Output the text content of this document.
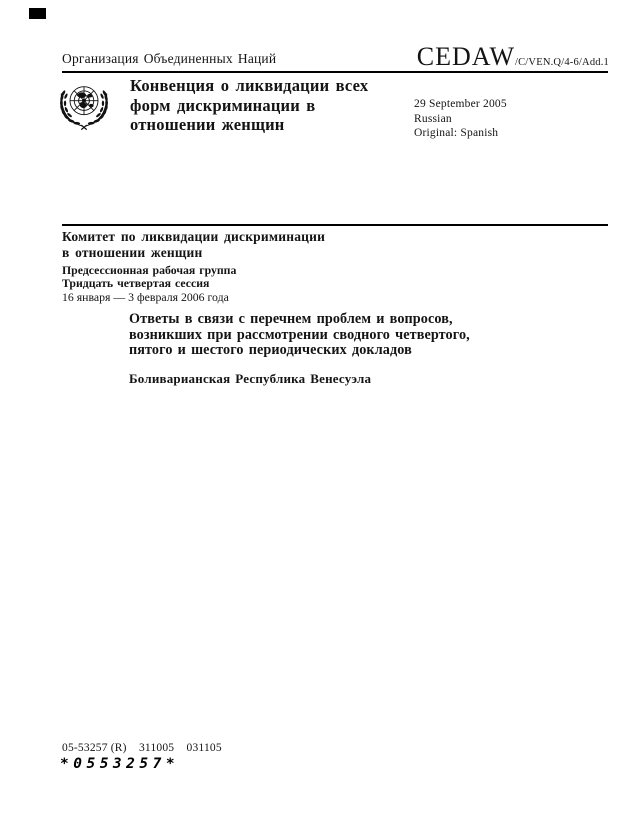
Организация Объединенных Наций	CEDAW /C/VEN.Q/4-6/Add.1
Конвенция о ликвидации всех
форм дискриминации в
отношении женщин
29 September 2005
Russian
Original: Spanish
Комитет по ликвидации дискриминации
в отношении женщин
Предсессионная рабочая группа
Тридцать четвертая сессия
16 января — 3 февраля 2006 года
Ответы в связи с перечнем проблем и вопросов,
возникших при рассмотрении сводного четвертого,
пятого и шестого периодических докладов
Боливарианская Республика Венесуэла
05-53257 (R)    311005    031105
*0553257*
